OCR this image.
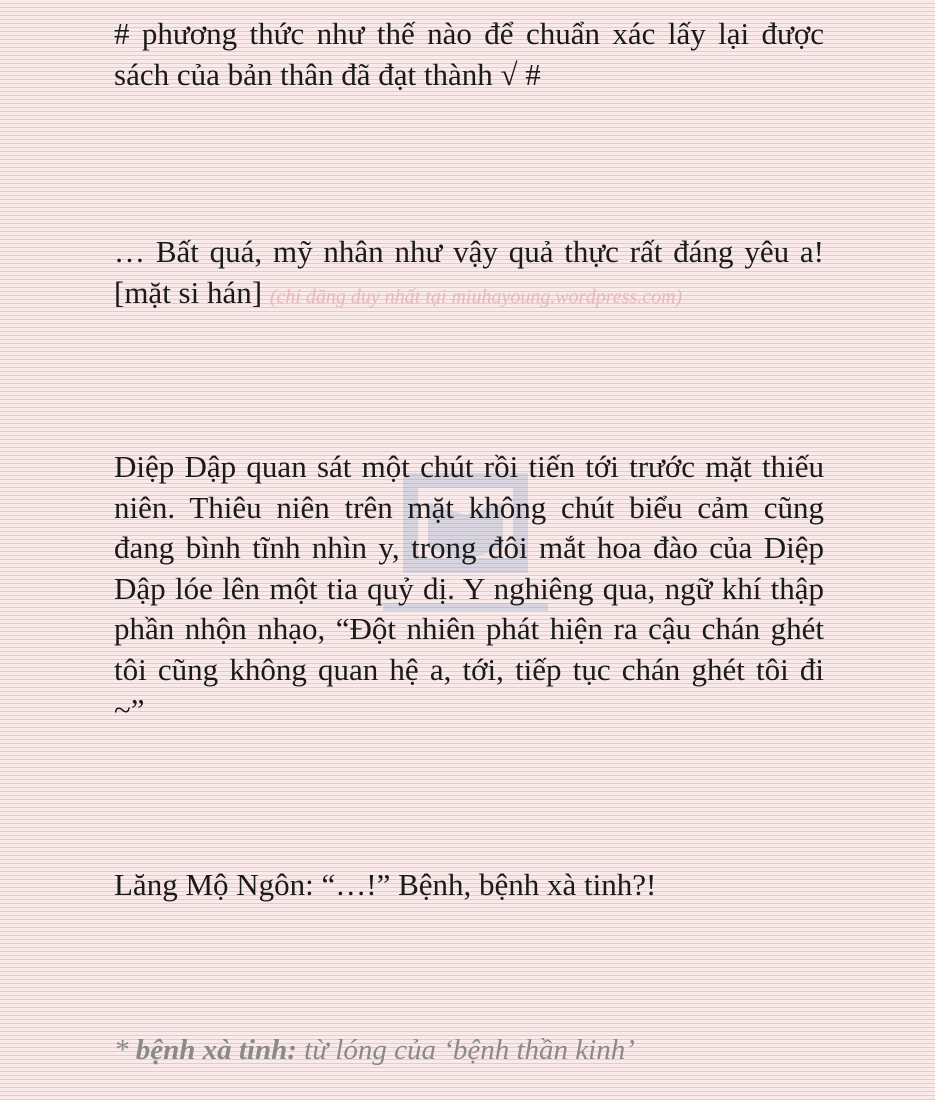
# phương thức như thế nào để chuẩn xác lấy lại được
sách của bản thân đã đạt thành √ #

… Bất quá, mỹ nhân như vậy quả thực rất đáng yêu a!
[mặt si hán] (chỉ đăng duy nhất tại miuhayoung.wordpress.com)

Diệp Dập quan sát một chút rồi tiến tới trước mặt thiếu
niên. Thiêu niên trên mặt không chút biểu cảm cũng
đang bình tĩnh nhìn y, trong đôi mắt hoa đào của Diệp
Dập lóe lên một tia quỷ dị. Y nghiêng qua, ngữ khí thập
phần nhộn nhạo, “Đột nhiên phát hiện ra cậu chán ghét
tôi cũng không quan hệ a, tới, tiếp tục chán ghét tôi đi
~”

Lăng Mộ Ngôn: “…!” Bệnh, bệnh xà tinh?!

* bệnh xà tinh: từ lóng của ‘bệnh thần kinh’
